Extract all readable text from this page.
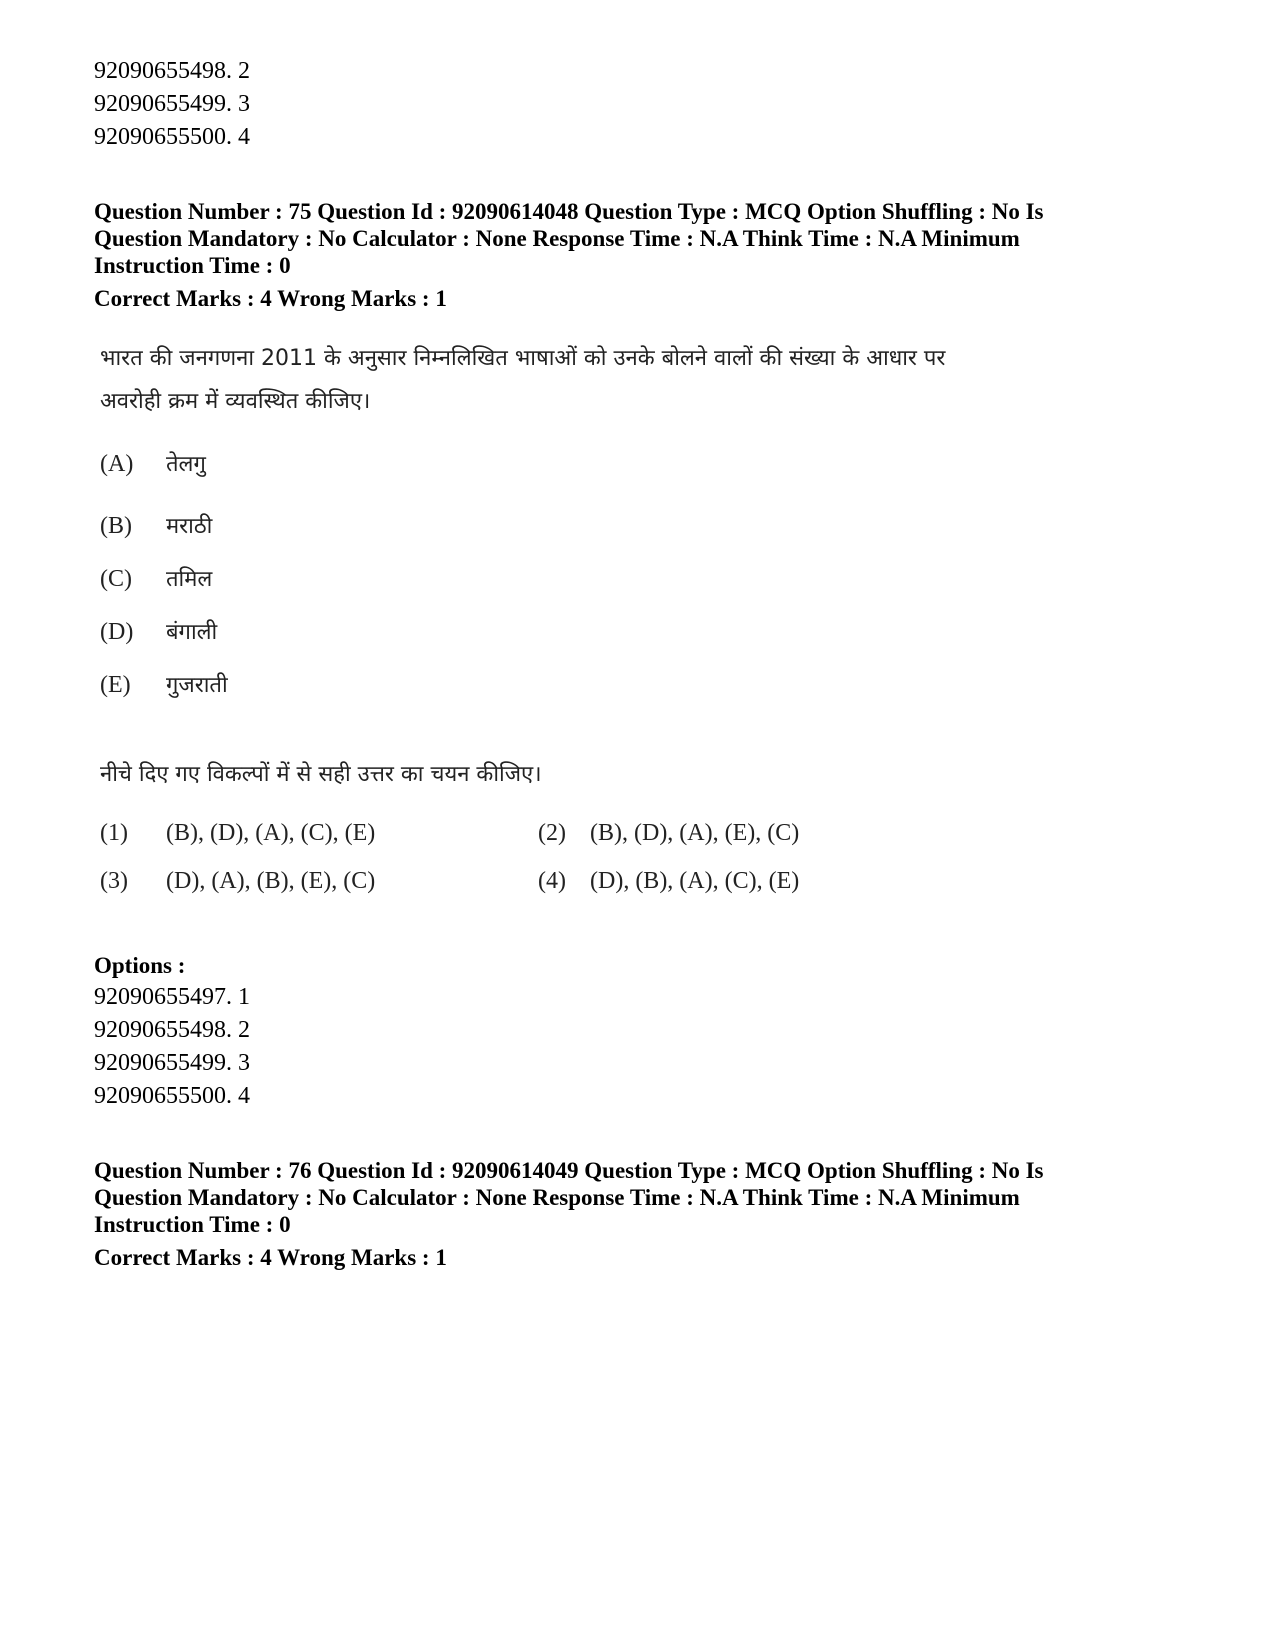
92090655498. 2
92090655499. 3
92090655500. 4
Question Number : 75 Question Id : 92090614048 Question Type : MCQ Option Shuffling : No Is
Question Mandatory : No Calculator : None Response Time : N.A Think Time : N.A Minimum
Instruction Time : 0
Correct Marks : 4 Wrong Marks : 1
भारत की जनगणना 2011 के अनुसार निम्नलिखित भाषाओं को उनके बोलने वालों की संख्या के आधार पर
अवरोही क्रम में व्यवस्थित कीजिए।
(A)	तेलगु
(B)	मराठी
(C)	तमिल
(D)	बंगाली
(E)	गुजराती
नीचे दिए गए विकल्पों में से सही उत्तर का चयन कीजिए।
(1)	(B), (D), (A), (C), (E)	(2)	(B), (D), (A), (E), (C)
(3)	(D), (A), (B), (E), (C)	(4)	(D), (B), (A), (C), (E)
Options :
92090655497. 1
92090655498. 2
92090655499. 3
92090655500. 4
Question Number : 76 Question Id : 92090614049 Question Type : MCQ Option Shuffling : No Is
Question Mandatory : No Calculator : None Response Time : N.A Think Time : N.A Minimum
Instruction Time : 0
Correct Marks : 4 Wrong Marks : 1
